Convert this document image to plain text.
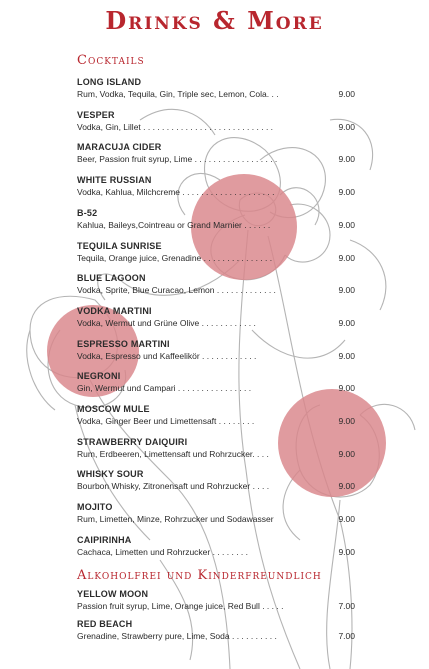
Drinks & More
Cocktails
LONG ISLAND
Rum, Vodka, Tequila, Gin, Triple sec, Lemon, Cola. . .	9.00
VESPER
Vodka, Gin, Lillet . . . . . . . . . . . . . . . . . . . . . . . . . . . .	9.00
MARACUJA CIDER
Beer, Passion fruit syrup, Lime . . . . . . . . . . . . . . . . . .	9.00
WHITE RUSSIAN
Vodka, Kahlua, Milchcreme . . . . . . . . . . . . . . . . . . . .	9.00
B-52
Kahlua, Baileys,Cointreau or Grand Marnier . . . . . .	9.00
TEQUILA SUNRISE
Tequila, Orange juice, Grenadine . . . . . . . . . . . . . . .	9.00
BLUE LAGOON
Vodka, Sprite, Blue Curacao, Lemon . . . . . . . . . . . . .	9.00
VODKA MARTINI
Vodka, Wermut und Grüne Olive . . . . . . . . . . . .	9.00
ESPRESSO MARTINI
Vodka, Espresso und Kaffeelikör . . . . . . . . . . . .	9.00
NEGRONI
Gin, Wermut und Campari . . . . . . . . . . . . . . . .	9.00
MOSCOW MULE
Vodka, Ginger Beer und Limettensaft . . . . . . . .	9.00
STRAWBERRY DAIQUIRI
Rum, Erdbeeren, Limettensaft und Rohrzucker. . . .	9.00
WHISKY SOUR
Bourbon Whisky, Zitronensaft und Rohrzucker . . . .	9.00
MOJITO
Rum, Limetten, Minze, Rohrzucker und Sodawasser	9.00
CAIPIRINHA
Cachaca, Limetten und Rohrzucker . . . . . . . .	9.00
Alkoholfrei und Kinderfreundlich
YELLOW MOON
Passion fruit syrup, Lime, Orange juice, Red Bull . . . . .	7.00
RED BEACH
Grenadine, Strawberry pure, Lime, Soda . . . . . . . . . .	7.00
